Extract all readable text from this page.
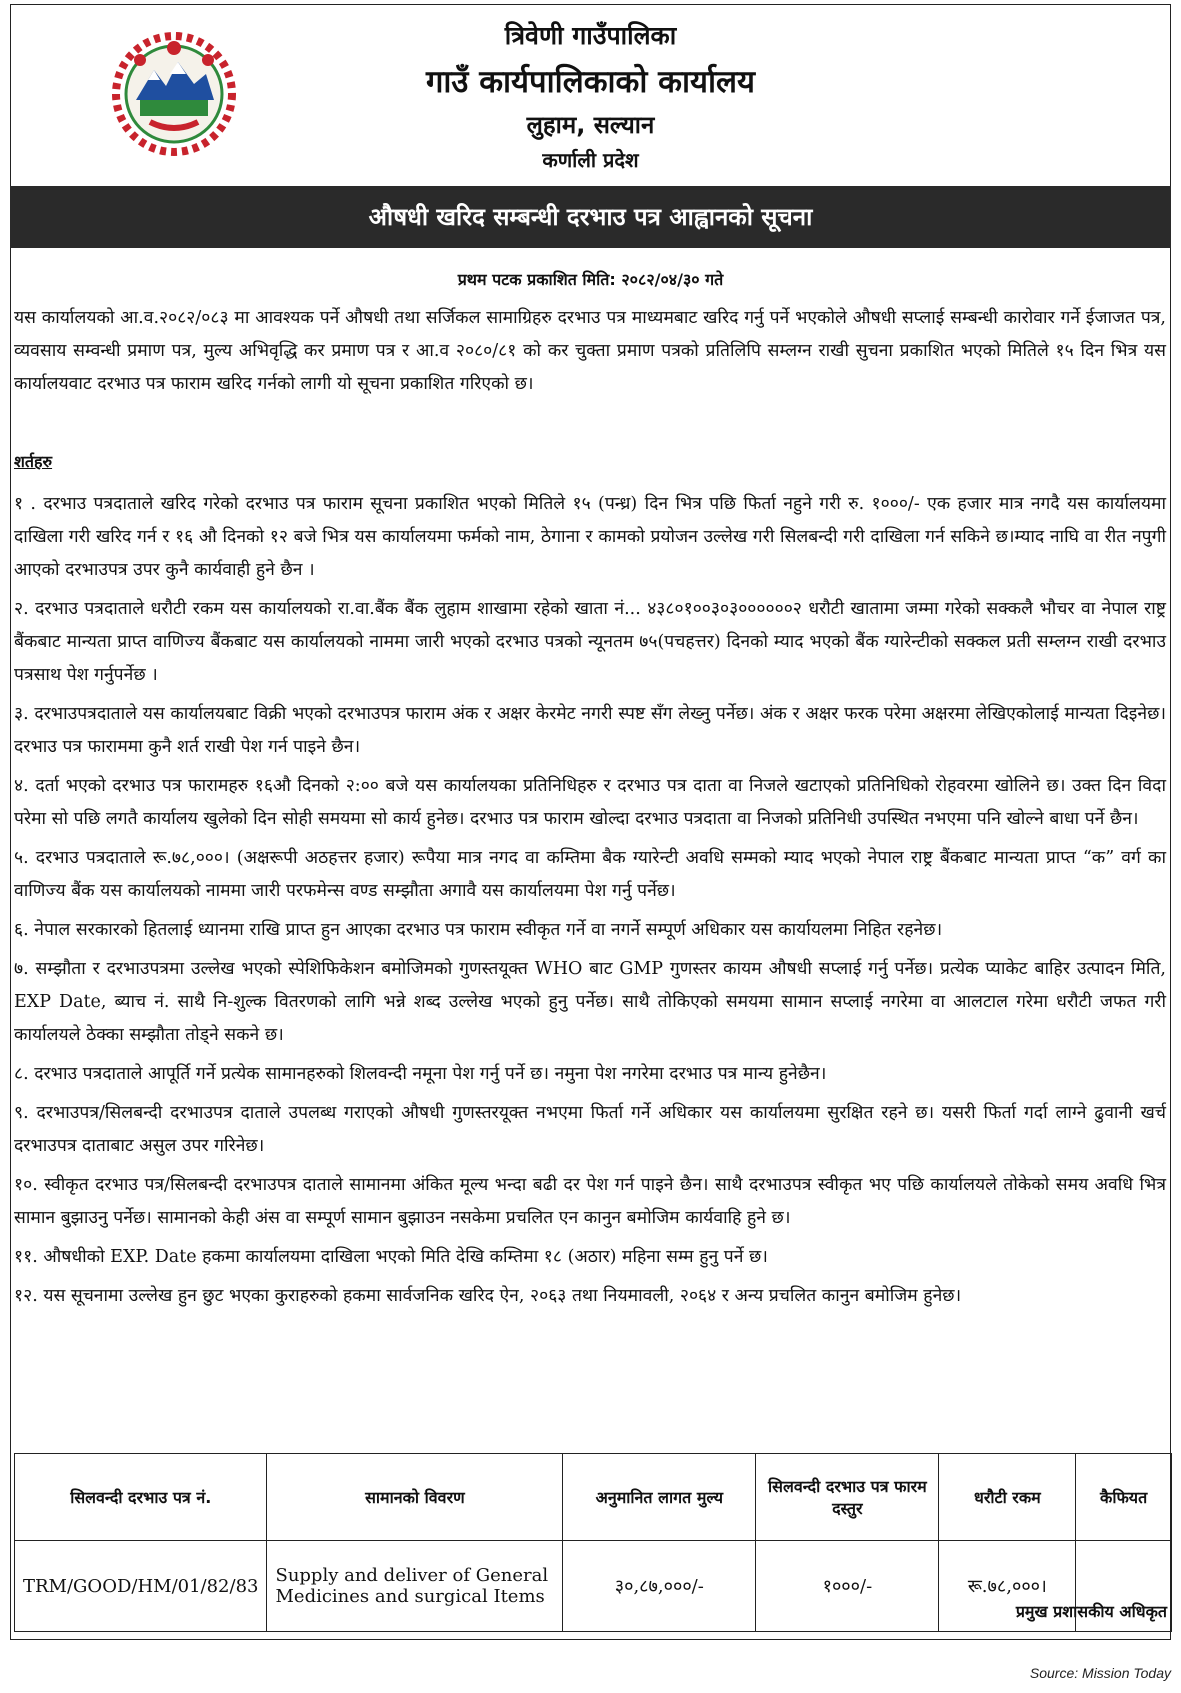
त्रिवेणी गाउँपालिका
गाउँ कार्यपालिकाको कार्यालय
लुहाम, सल्यान
कर्णाली प्रदेश
औषधी खरिद सम्बन्धी दरभाउ पत्र आह्वानको सूचना
प्रथम पटक प्रकाशित मिति: २०८२/०४/३० गते
यस कार्यालयको आ.व.२०८२/०८३ मा आवश्यक पर्ने औषधी तथा सर्जिकल सामाग्रिहरु दरभाउ पत्र माध्यमबाट खरिद गर्नु पर्ने भएकोले औषधी सप्लाई सम्बन्धी कारोवार गर्ने ईजाजत पत्र, व्यवसाय सम्वन्धी प्रमाण पत्र, मुल्य अभिवृद्धि कर प्रमाण पत्र र आ.व २०८०/८१ को कर चुक्ता प्रमाण पत्रको प्रतिलिपि सम्लग्न राखी सुचना प्रकाशित भएको मितिले १५ दिन भित्र यस कार्यालयवाट दरभाउ पत्र फाराम खरिद गर्नको लागी यो सूचना प्रकाशित गरिएको छ।
शर्तहरु

१ . दरभाउ पत्रदाताले खरिद गरेको दरभाउ पत्र फाराम सूचना प्रकाशित भएको मितिले १५ (पन्ध्र) दिन भित्र पछि फिर्ता नहुने गरी रु. १०००/- एक हजार मात्र नगदै यस कार्यालयमा दाखिला गरी खरिद गर्न र १६ औ दिनको १२ बजे भित्र यस कार्यालयमा फर्मको नाम, ठेगाना र कामको प्रयोजन उल्लेख गरी सिलबन्दी गरी दाखिला गर्न सकिने छ।म्याद नाघि वा रीत नपुगी आएको दरभाउपत्र उपर कुनै कार्यवाही हुने छैन ।

२. दरभाउ पत्रदाताले धरौटी रकम यस कार्यालयको रा.वा.बैंक बैंक लुहाम शाखामा रहेको खाता नं... ४३८०१००३०३००००००२ धरौटी खातामा जम्मा गरेको सक्कलै भौचर वा नेपाल राष्ट्र बैंकबाट मान्यता प्राप्त वाणिज्य बैंकबाट यस कार्यालयको नाममा जारी भएको दरभाउ पत्रको न्यूनतम ७५(पचहत्तर) दिनको म्याद भएको बैंक ग्यारेन्टीको सक्कल प्रती सम्लग्न राखी दरभाउ पत्रसाथ पेश गर्नुपर्नेछ ।

३. दरभाउपत्रदाताले यस कार्यालयबाट विक्री भएको दरभाउपत्र फाराम अंक र अक्षर केरमेट नगरी स्पष्ट सँग लेख्नु पर्नेछ। अंक र अक्षर फरक परेमा अक्षरमा लेखिएकोलाई मान्यता दिइनेछ। दरभाउ पत्र फाराममा कुनै शर्त राखी पेश गर्न पाइने छैन।

४. दर्ता भएको दरभाउ पत्र फारामहरु १६औ दिनको २:०० बजे यस कार्यालयका प्रतिनिधिहरु र दरभाउ पत्र दाता वा निजले खटाएको प्रतिनिधिको रोहवरमा खोलिने छ। उक्त दिन विदा परेमा सो पछि लगतै कार्यालय खुलेको दिन सोही समयमा सो कार्य हुनेछ। दरभाउ पत्र फाराम खोल्दा दरभाउ पत्रदाता वा निजको प्रतिनिधी उपस्थित नभएमा पनि खोल्ने बाधा पर्ने छैन।

५. दरभाउ पत्रदाताले रू.७८,०००। (अक्षरूपी अठहत्तर हजार) रूपैया मात्र नगद वा कम्तिमा बैक ग्यारेन्टी अवधि सम्मको म्याद भएको नेपाल राष्ट्र बैंकबाट मान्यता प्राप्त “क” वर्ग का वाणिज्य बैंक यस कार्यालयको नाममा जारी परफमेन्स वण्ड सम्झौता अगावै यस कार्यालयमा पेश गर्नु पर्नेछ।

६. नेपाल सरकारको हितलाई ध्यानमा राखि प्राप्त हुन आएका दरभाउ पत्र फाराम स्वीकृत गर्ने वा नगर्ने सम्पूर्ण अधिकार यस कार्यायलमा निहित रहनेछ।

७. सम्झौता र दरभाउपत्रमा उल्लेख भएको स्पेशिफिकेशन बमोजिमको गुणस्तयूक्त WHO बाट GMP गुणस्तर कायम औषधी सप्लाई गर्नु पर्नेछ। प्रत्येक प्याकेट बाहिर उत्पादन मिति, EXP Date, ब्याच नं. साथै नि-शुल्क वितरणको लागि भन्ने शब्द उल्लेख भएको हुनु पर्नेछ। साथै तोकिएको समयमा सामान सप्लाई नगरेमा वा आलटाल गरेमा धरौटी जफत गरी कार्यालयले ठेक्का सम्झौता तोड्ने सकने छ।

८. दरभाउ पत्रदाताले आपूर्ति गर्ने प्रत्येक सामानहरुको शिलवन्दी नमूना पेश गर्नु पर्ने छ। नमुना पेश नगरेमा दरभाउ पत्र मान्य हुनेछैन।

९. दरभाउपत्र/सिलबन्दी दरभाउपत्र दाताले उपलब्ध गराएको औषधी गुणस्तरयूक्त नभएमा फिर्ता गर्ने अधिकार यस कार्यालयमा सुरक्षित रहने छ। यसरी फिर्ता गर्दा लाग्ने ढुवानी खर्च दरभाउपत्र दाताबाट असुल उपर गरिनेछ।

१०. स्वीकृत दरभाउ पत्र/सिलबन्दी दरभाउपत्र दाताले सामानमा अंकित मूल्य भन्दा बढी दर पेश गर्न पाइने छैन। साथै दरभाउपत्र स्वीकृत भए पछि कार्यालयले तोकेको समय अवधि भित्र सामान बुझाउनु पर्नेछ। सामानको केही अंस वा सम्पूर्ण सामान बुझाउन नसकेमा प्रचलित एन कानुन बमोजिम कार्यवाहि हुने छ।

११. औषधीको EXP. Date हकमा कार्यालयमा दाखिला भएको मिति देखि कम्तिमा १८ (अठार) महिना सम्म हुनु पर्ने छ।

१२. यस सूचनामा उल्लेख हुन छुट भएका कुराहरुको हकमा सार्वजनिक खरिद ऐन, २०६३ तथा नियमावली, २०६४ र अन्य प्रचलित कानुन बमोजिम हुनेछ।

सिलवन्दी दरभाउ पत्र नं.	सामानको विवरण	अनुमानित लागत मुल्य	सिलवन्दी दरभाउ पत्र फारम दस्तुर	धरौटी रकम	कैफियत
TRM/GOOD/HM/01/82/83	Supply and deliver of General Medicines and surgical Items	३०,८७,०००/-	१०००/-	रू.७८,०००।	
प्रमुख प्रशासकीय अधिकृत
Source: Mission Today
